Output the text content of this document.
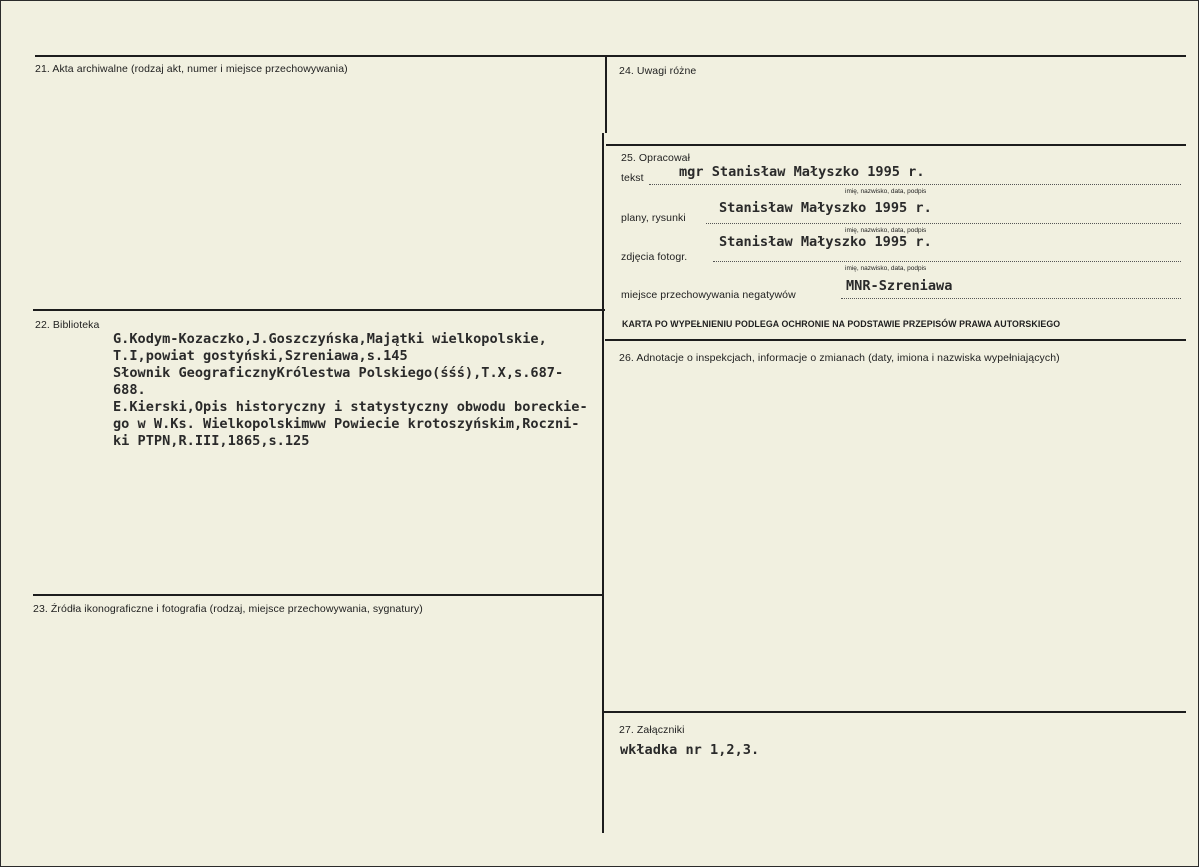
21. Akta archiwalne (rodzaj akt, numer i miejsce przechowywania)
22. Biblioteka
G.Kodym-Kozaczko,J.Goszczyńska,Majątki wielkopolskie,
T.I,powiat gostyński,Szreniawa,s.145
Słownik GeograficznyKrólestwa Polskiego(śśś),T.X,s.687-
688.
E.Kierski,Opis historyczny i statystyczny obwodu boreckie-
go w W.Ks. Wielkopolskimww Powiecie krotoszyńskim,Roczni-
ki PTPN,R.III,1865,s.125
23. Źródła ikonograficzne i fotografia (rodzaj, miejsce przechowywania, sygnatury)
24. Uwagi różne
25. Opracował
tekst	mgr Stanisław Małyszko 1995 r.
imię, nazwisko, data, podpis
plany, rysunki
Stanisław Małyszko 1995 r.
imię, nazwisko, data, podpis
zdjęcia fotogr.
Stanisław Małyszko 1995 r.
imię, nazwisko, data, podpis
miejsce przechowywania negatywów
MNR-Szreniawa
KARTA PO WYPEŁNIENIU PODLEGA OCHRONIE NA PODSTAWIE PRZEPISÓW PRAWA AUTORSKIEGO
26. Adnotacje o inspekcjach, informacje o zmianach (daty, imiona i nazwiska wypełniających)
27. Załączniki
wkładka nr 1,2,3.
